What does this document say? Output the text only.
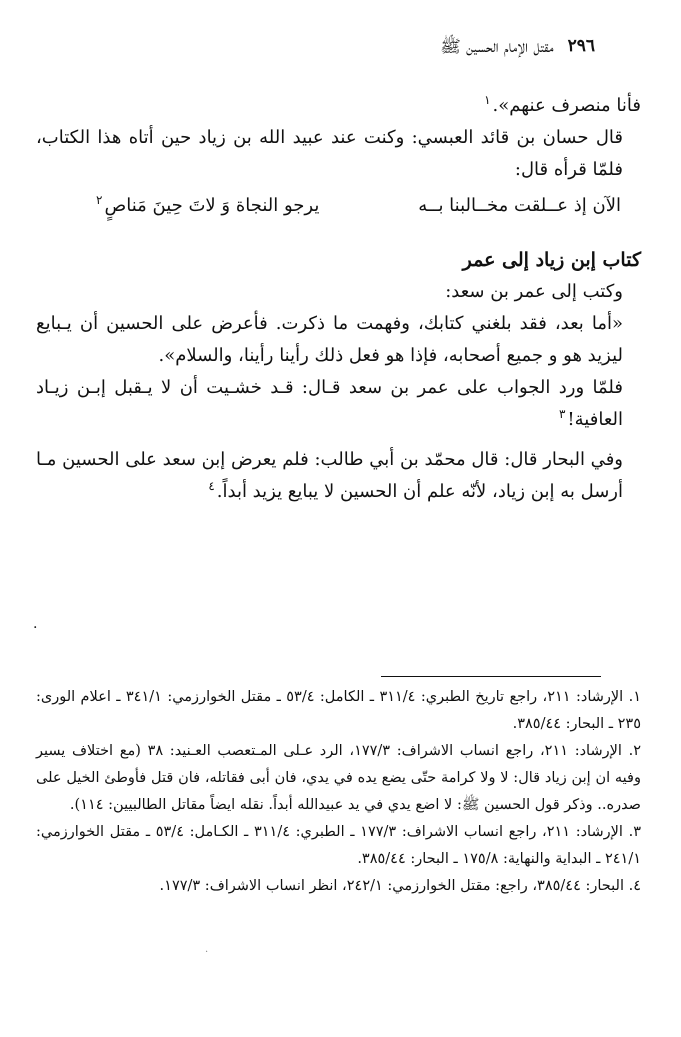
٢٩٦
مقتل الإمام الحسين ﷺ

فأنا منصرف عنهم».$^١$

قال حسان بن قائد العبسي: وكنت عند عبيد الله بن زياد حين أتاه هذا الكتاب، فلمّا قرأه قال:

الآن إذ عــلقت مخــالبنا بــه
يرجو النجاة وَ لاتَ حِينَ مَناصٍ$^٢$

كتاب إبن زياد إلى عمر

وكتب إلى عمر بن سعد:

«أما بعد، فقد بلغني كتابك، وفهمت ما ذكرت. فأعرض على الحسين أن يـبايع ليزيد هو و جميع أصحابه، فإذا هو فعل ذلك رأينا رأينا، والسلام».

فلمّا ورد الجواب على عمر بن سعد قـال: قـد خشـيت أن لا يـقبل إبـن زيـاد العافية!$^٣$

وفي البحار قال: قال محمّد بن أبي طالب: فلم يعرض إبن سعد على الحسين مـا أرسل به إبن زياد، لأنّه علم أن الحسين لا يبايع يزيد أبداً.$^٤$

.

١. الإرشاد: ٢١١، راجع تاريخ الطبري: ٣١١/٤ ـ الكامل: ٥٣/٤ ـ مقتل الخوارزمي: ٣٤١/١ ـ اعلام الورى: ٢٣٥ ـ البحار: ٣٨٥/٤٤.

٢. الإرشاد: ٢١١، راجع انساب الاشراف: ١٧٧/٣، الرد عـلى المـتعصب العـنيد: ٣٨ (مع اختلاف يسير وفيه ان إبن زياد قال: لا ولا كرامة حتّى يضع يده في يدي، فان أبى فقاتله، فان قتل فأوطئ الخيل على صدره.. وذكر قول الحسين ﷺ: لا اضع يدي في يد عبيدالله أبداً. نقله ايضاً مقاتل الطالبيين: ١١٤).

٣. الإرشاد: ٢١١، راجع انساب الاشراف: ١٧٧/٣ ـ الطبري: ٣١١/٤ ـ الكـامل: ٥٣/٤ ـ مقتل الخوارزمي: ٢٤١/١ ـ البداية والنهاية: ١٧٥/٨ ـ البحار: ٣٨٥/٤٤.

٤. البحار: ٣٨٥/٤٤، راجع: مقتل الخوارزمي: ٢٤٢/١، انظر انساب الاشراف: ١٧٧/٣.

.
